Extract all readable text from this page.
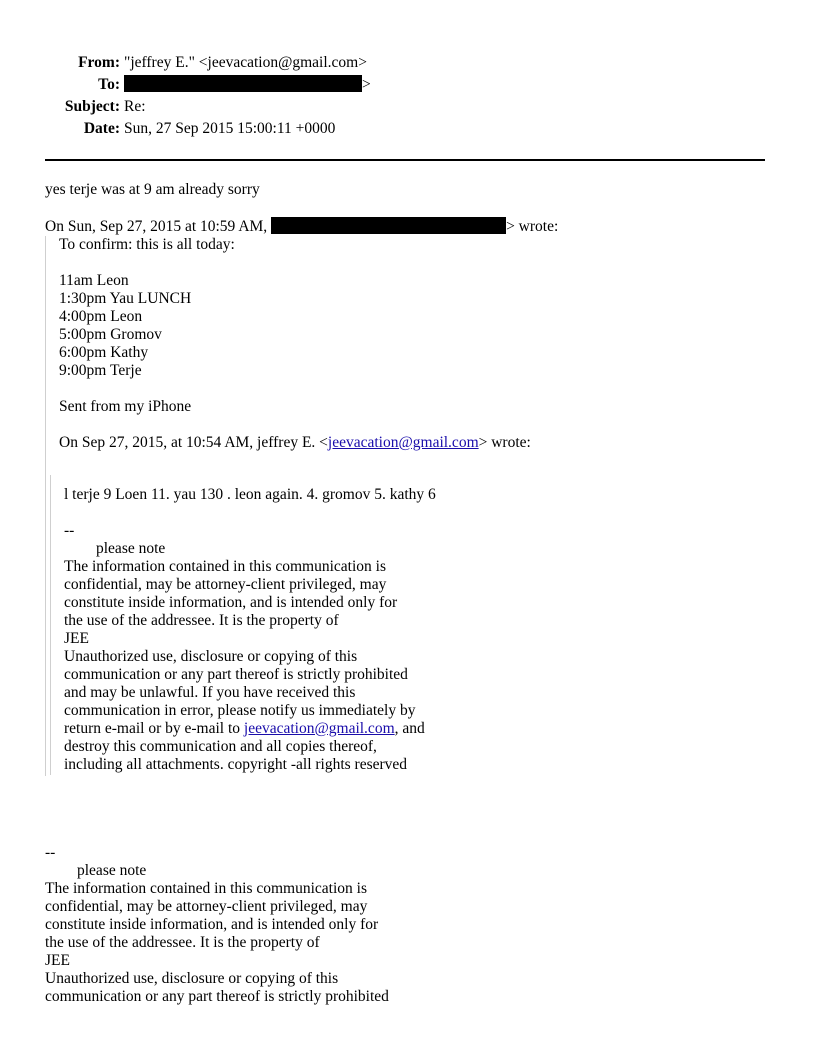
From: "jeffrey E." <jeevacation@gmail.com>
To:	>
Subject: Re:
Date: Sun, 27 Sep 2015 15:00:11 +0000
yes terje was at 9 am already sorry
On Sun, Sep 27, 2015 at 10:59 AM,	> wrote:
To confirm: this is all today:
11am Leon
1:30pm Yau LUNCH
4:00pm Leon
5:00pm Gromov
6:00pm Kathy
9:00pm Terje
Sent from my iPhone
On Sep 27, 2015, at 10:54 AM, jeffrey E. <jeevacation@gmail.com> wrote:
l terje 9 Loen 11. yau 130 . leon again. 4. gromov 5. kathy 6
--
please note
The information contained in this communication is
confidential, may be attorney-client privileged, may
constitute inside information, and is intended only for
the use of the addressee. It is the property of
JEE
Unauthorized use, disclosure or copying of this
communication or any part thereof is strictly prohibited
and may be unlawful. If you have received this
communication in error, please notify us immediately by
return e-mail or by e-mail to jeevacation@gmail.com, and
destroy this communication and all copies thereof,
including all attachments. copyright -all rights reserved
--
please note
The information contained in this communication is
confidential, may be attorney-client privileged, may
constitute inside information, and is intended only for
the use of the addressee. It is the property of
JEE
Unauthorized use, disclosure or copying of this
communication or any part thereof is strictly prohibited
